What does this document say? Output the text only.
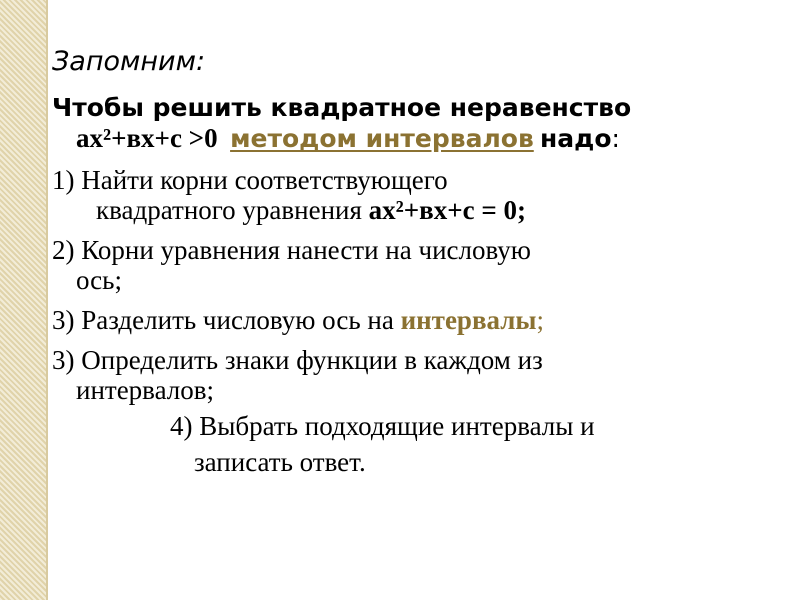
Запомним:

Чтобы решить квадратное неравенство

ах²+вх+с >0 методом интервалов надо:

1) Найти корни соответствующего

квадратного уравнения ах²+вх+с = 0;

2) Корни уравнения нанести на числовую

ось;

3) Разделить числовую ось на интервалы;

3) Определить знаки функции в каждом из

интервалов;

4) Выбрать подходящие интервалы и

записать ответ.
